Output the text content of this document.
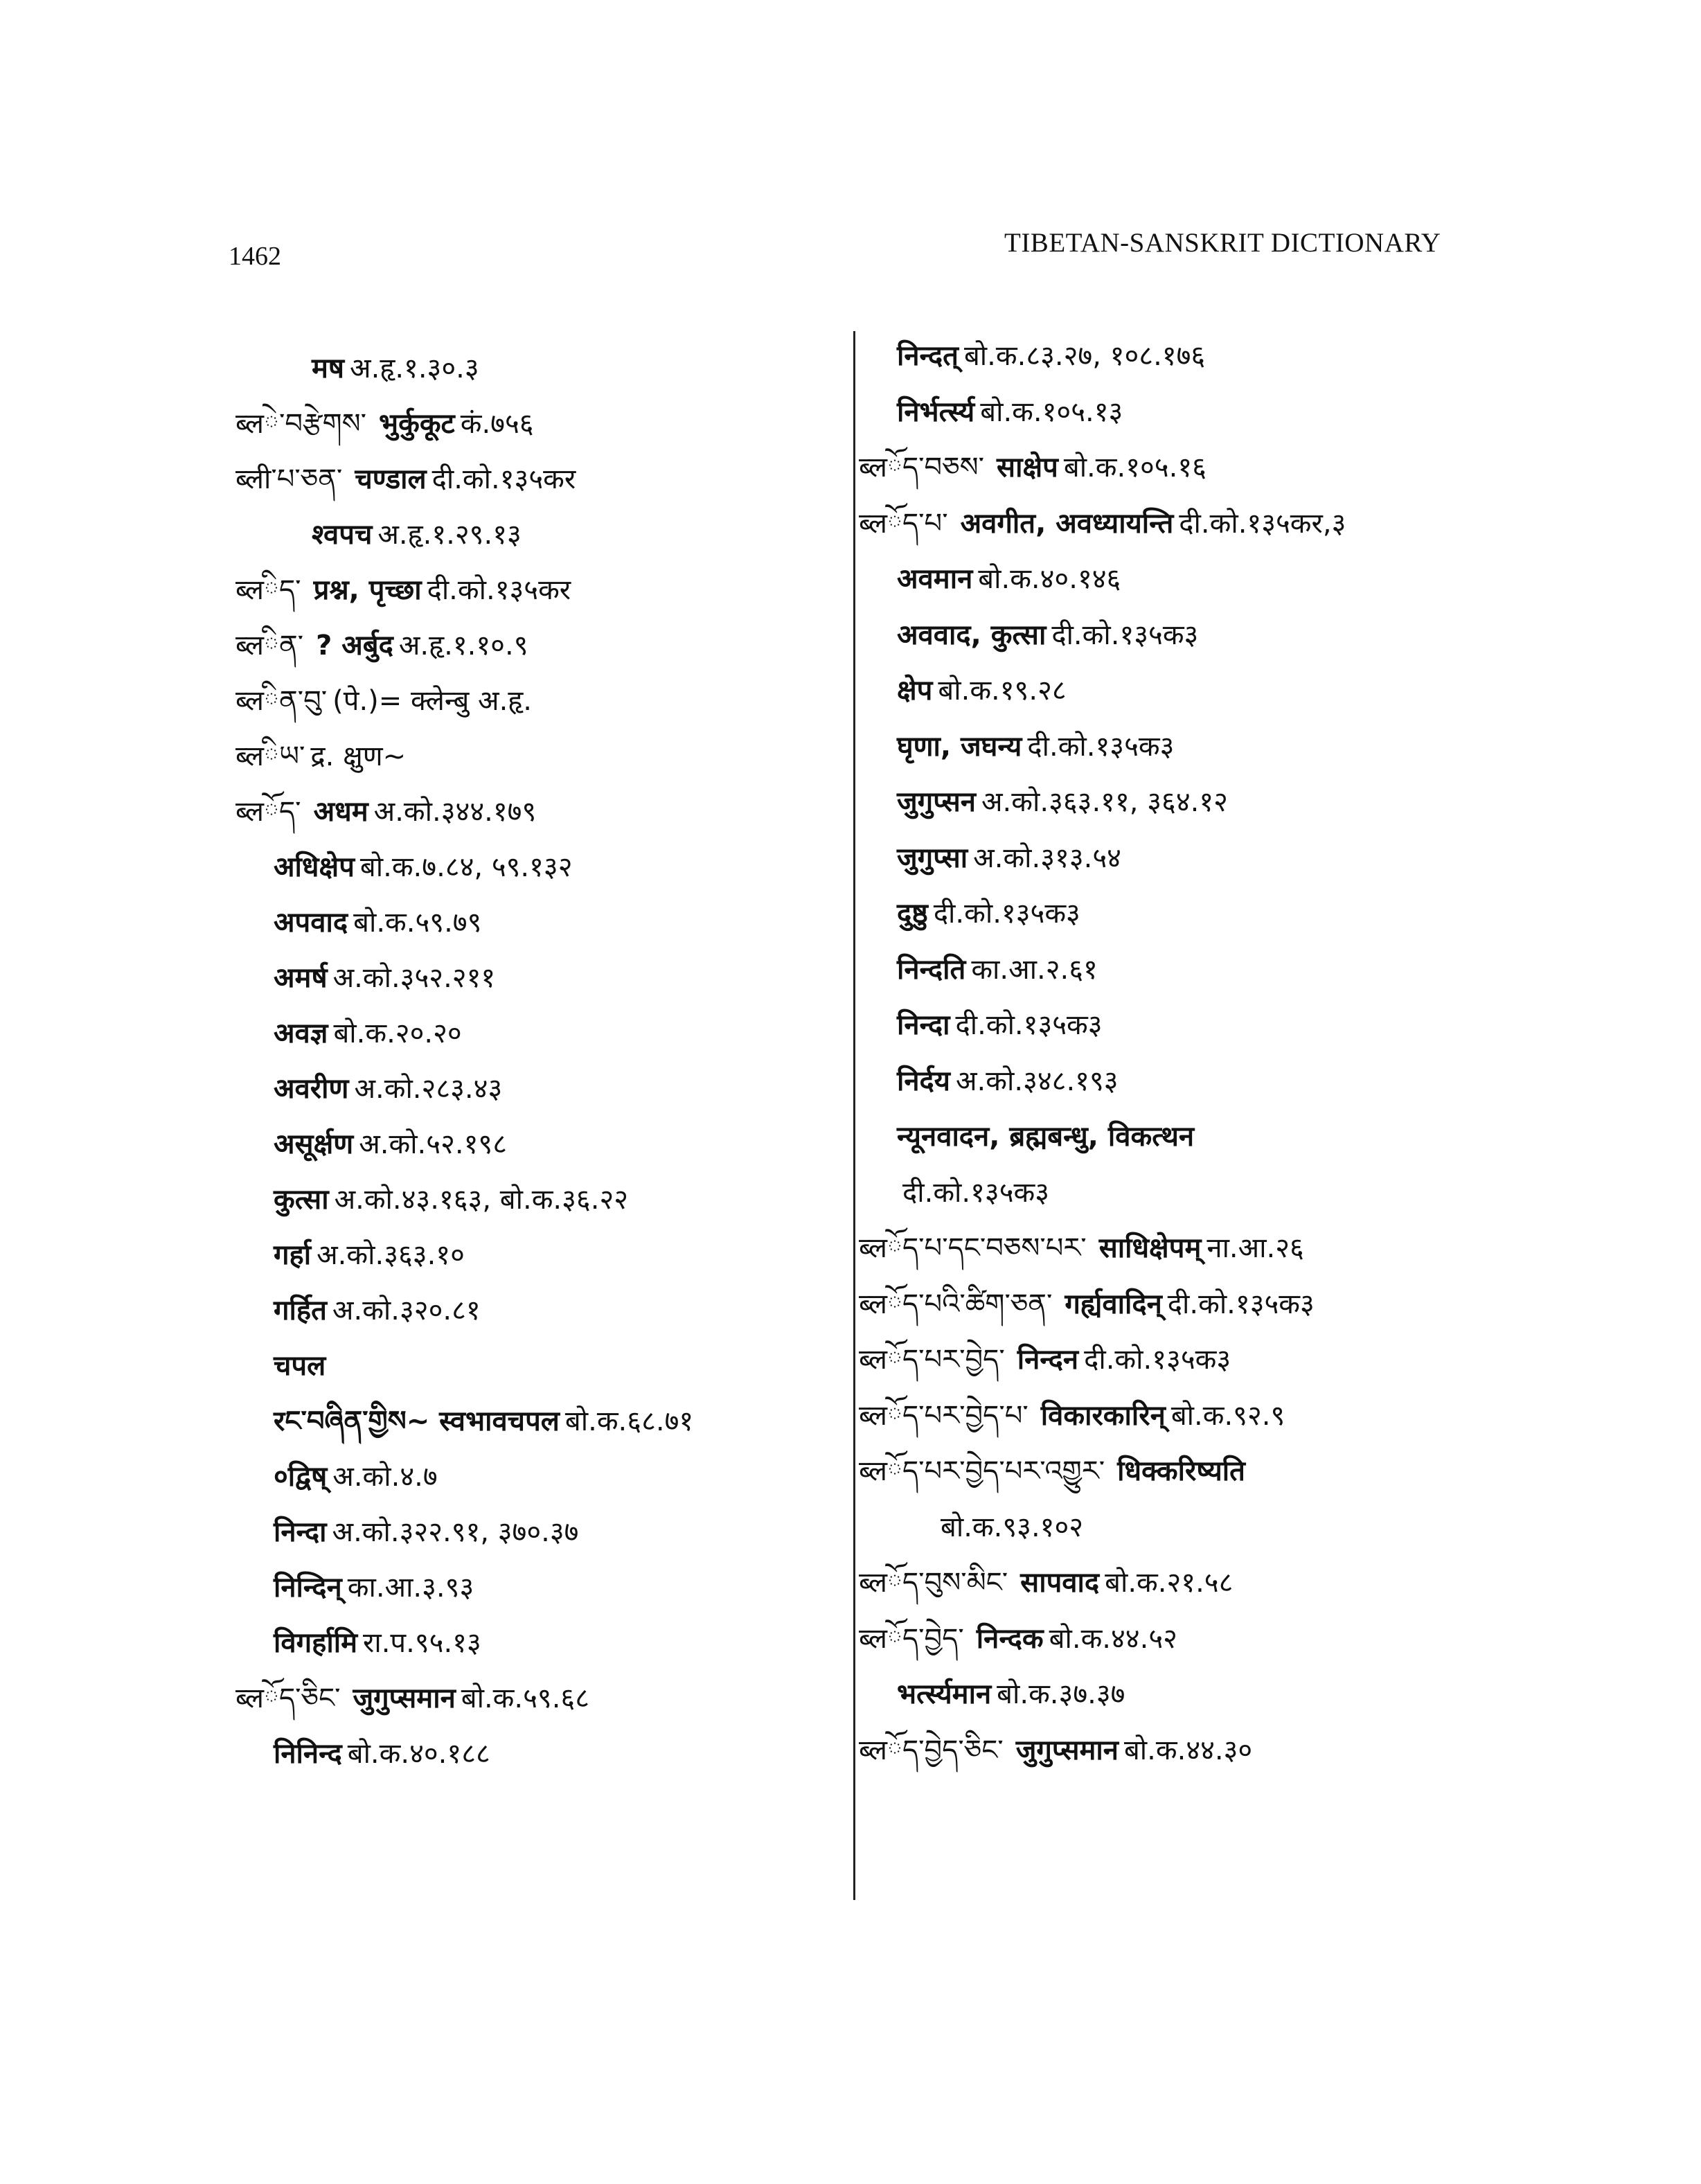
1462	TIBETAN-SANSKRIT DICTIONARY
मष अ.हृ.१.३०.३
ब्लེ་བརྩེགས་ भुर्कुकूट कं.७५६
ब्ली་པ་ཅན་ चण्डाल दी.को.१३५कर
श्वपच अ.हृ.१.२९.१३
ब्लིད་ प्रश्न, पृच्छा दी.को.१३५कर
ब्लིན་ ? अर्बुद अ.हृ.१.१०.९
ब्लིན་བུ་ (पे.)= क्लेन्बु अ.हृ.
ब्लིཡ་ द्र. क्षुण~
ब्लོད་ अधम अ.को.३४४.१७९
अधिक्षेप बो.क.७.८४, ५९.१३२
अपवाद बो.क.५९.७९
अमर्ष अ.को.३५२.२११
अवज्ञ बो.क.२०.२०
अवरीण अ.को.२८३.४३
असूर्क्षण अ.को.५२.१९८
कुत्सा अ.को.४३.१६३, बो.क.३६.२२
गर्हा अ.को.३६३.१०
गर्हित अ.को.३२०.८१
चपल
रང་བཞིན་གྱིས~ स्वभावचपल बो.क.६८.७१
०द्विष् अ.को.४.७
निन्दा अ.को.३२२.९१, ३७०.३७
निन्दिन् का.आ.३.९३
विगर्हामि रा.प.९५.१३
ब्लོད་ཅིང་ जुगुप्समान बो.क.५९.६८
निनिन्द बो.क.४०.१८८
निन्दत् बो.क.८३.२७, १०८.१७६
निर्भर्त्स्य बो.क.१०५.१३
ब्लོད་བཅས་ साक्षेप बो.क.१०५.१६
ब्लོད་པ་ अवगीत, अवध्यायन्ति दी.को.१३५कर,३
अवमान बो.क.४०.१४६
अववाद, कुत्सा दी.को.१३५क३
क्षेप बो.क.१९.२८
घृणा, जघन्य दी.को.१३५क३
जुगुप्सन अ.को.३६३.११, ३६४.१२
जुगुप्सा अ.को.३१३.५४
दुष्ठु दी.को.१३५क३
निन्दति का.आ.२.६१
निन्दा दी.को.१३५क३
निर्दय अ.को.३४८.१९३
न्यूनवादन, ब्रह्मबन्धु, विकत्थन
दी.को.१३५क३
ब्लོད་པ་དང་བཅས་པར་ साधिक्षेपम् ना.आ.२६
ब्लོད་པའི་ཚིག་ཅན་ गर्ह्यवादिन् दी.को.१३५क३
ब्लོད་པར་བྱེད་ निन्दन दी.को.१३५क३
ब्लོད་པར་བྱེད་པ་ विकारकारिन् बो.क.९२.९
ब्लོད་པར་བྱེད་པར་འགྱུར་ धिक्करिष्यति
बो.क.९३.१०२
ब्लོད་བུས་མིང་ सापवाद बो.क.२१.५८
ब्लོད་བྱེད་ निन्दक बो.क.४४.५२
भर्त्स्यमान बो.क.३७.३७
ब्लོད་བྱེད་ཅིང་ जुगुप्समान बो.क.४४.३०
